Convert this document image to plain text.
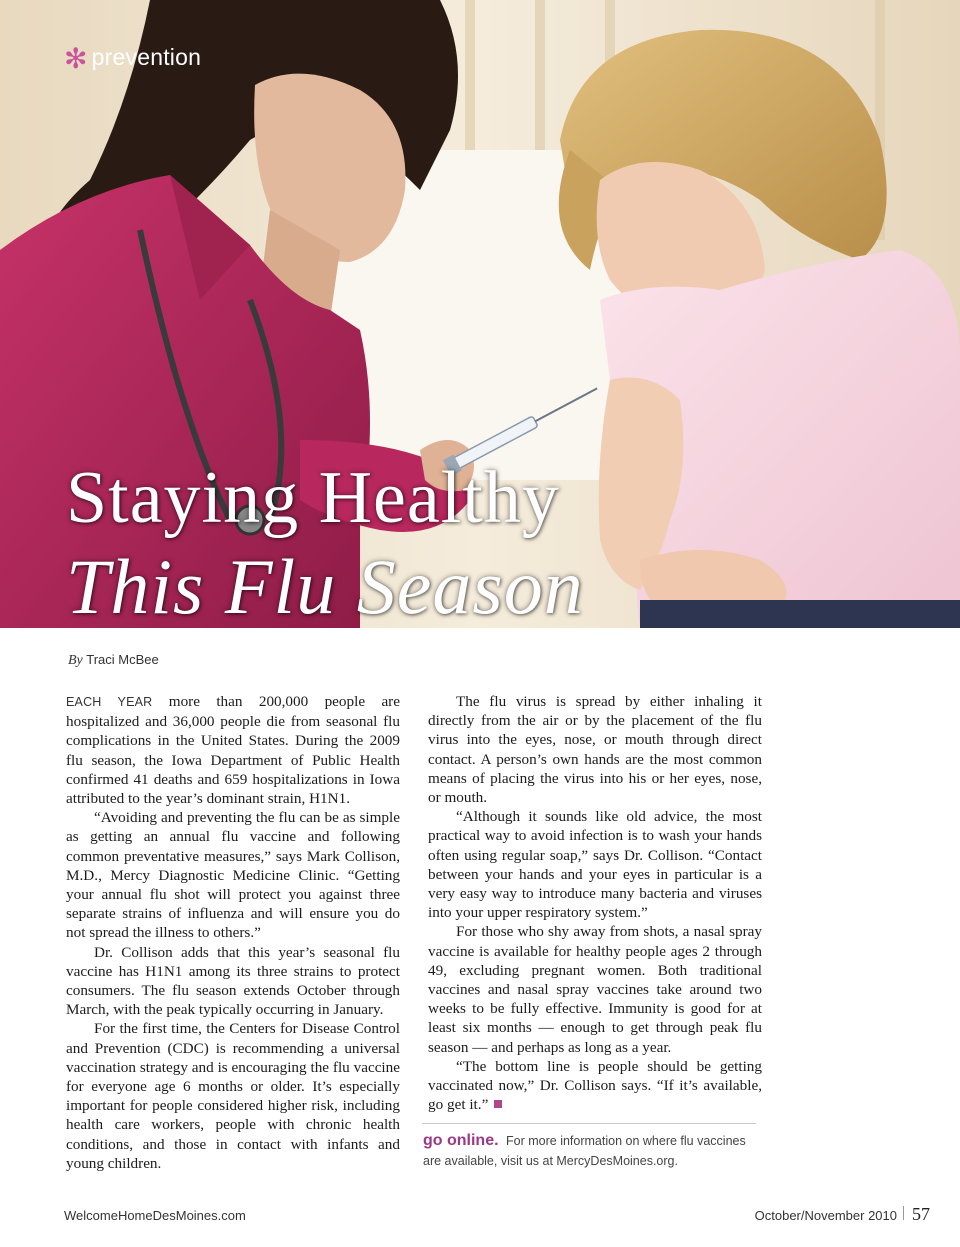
✻ prevention
Staying Healthy
This Flu Season
By Traci McBee

EACH YEAR more than 200,000 people are hospitalized and 36,000 people die from seasonal flu complications in the United States. During the 2009 flu season, the Iowa Department of Public Health confirmed 41 deaths and 659 hospitalizations in Iowa attributed to the year’s dominant strain, H1N1.

“Avoiding and preventing the flu can be as simple as getting an annual flu vaccine and following common preventative measures,” says Mark Collison, M.D., Mercy Diagnostic Medicine Clinic. “Getting your annual flu shot will protect you against three separate strains of influenza and will ensure you do not spread the illness to others.”

Dr. Collison adds that this year’s seasonal flu vaccine has H1N1 among its three strains to protect consumers. The flu season extends October through March, with the peak typically occurring in January.

For the first time, the Centers for Disease Control and Prevention (CDC) is recommending a universal vaccination strategy and is encouraging the flu vaccine for everyone age 6 months or older. It’s especially important for people considered higher risk, including health care workers, people with chronic health conditions, and those in contact with infants and young children.

The flu virus is spread by either inhaling it directly from the air or by the placement of the flu virus into the eyes, nose, or mouth through direct contact. A person’s own hands are the most common means of placing the virus into his or her eyes, nose, or mouth.

“Although it sounds like old advice, the most practical way to avoid infection is to wash your hands often using regular soap,” says Dr. Collison. “Contact between your hands and your eyes in particular is a very easy way to introduce many bacteria and viruses into your upper respiratory system.”

For those who shy away from shots, a nasal spray vaccine is available for healthy people ages 2 through 49, excluding pregnant women. Both traditional vaccines and nasal spray vaccines take around two weeks to be fully effective. Immunity is good for at least six months — enough to get through peak flu season — and perhaps as long as a year.

“The bottom line is people should be getting vaccinated now,” Dr. Collison says. “If it’s available, go get it.”

go online. For more information on where flu vaccines are available, visit us at MercyDesMoines.org.
WelcomeHomeDesMoines.com	October/November 2010 57
